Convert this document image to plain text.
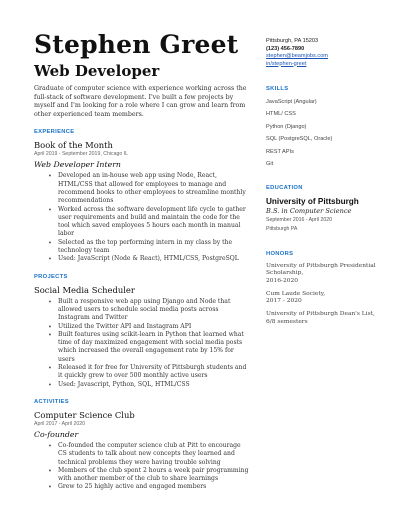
Stephen Greet
Web Developer
Graduate of computer science with experience working across the full-stack of software development. I've built a few projects by myself and I'm looking for a role where I can grow and learn from other experienced team members.
EXPERIENCE
Book of the Month
April 2019 - September 2019, Chicago IL
Web Developer Intern
• Developed an in-house web app using Node, React, HTML/CSS that allowed for employees to manage and recommend books to other employees to streamline monthly recommendations
• Worked across the software development life cycle to gather user requirements and build and maintain the code for the tool which saved employees 5 hours each month in manual labor
• Selected as the top performing intern in my class by the technology team
• Used: JavaScript (Node & React), HTML/CSS, PostgreSQL
PROJECTS
Social Media Scheduler
• Built a responsive web app using Django and Node that allowed users to schedule social media posts across Instagram and Twitter
• Utilized the Twitter API and Instagram API
• Built features using scikit-learn in Python that learned what time of day maximized engagement with social media posts which increased the overall engagement rate by 15% for users
• Released it for free for University of Pittsburgh students and it quickly grew to over 500 monthly active users
• Used: Javascript, Python, SQL, HTML/CSS
ACTIVITIES
Computer Science Club
April 2017 - April 2020
Co-founder
• Co-founded the computer science club at Pitt to encourage CS students to talk about new concepts they learned and technical problems they were having trouble solving
• Members of the club spent 2 hours a week pair programming with another member of the club to share learnings
• Grew to 25 highly active and engaged members
Pittsburgh, PA 15203
(123) 456-7890
stephen@beamjobs.com
in/stephen-greet
SKILLS
JavaScript (Angular)
HTML/ CSS
Python (Django)
SQL (PostgreSQL, Oracle)
REST APIs
Git
EDUCATION
University of Pittsburgh
B.S. in Computer Science
September 2016 - April 2020
Pittsburgh PA
HONORS
University of Pittsburgh Presidential Scholarship,
2016-2020
Cum Laude Society,
2017 - 2020
University of Pittsburgh Dean's List,
6/8 semesters
